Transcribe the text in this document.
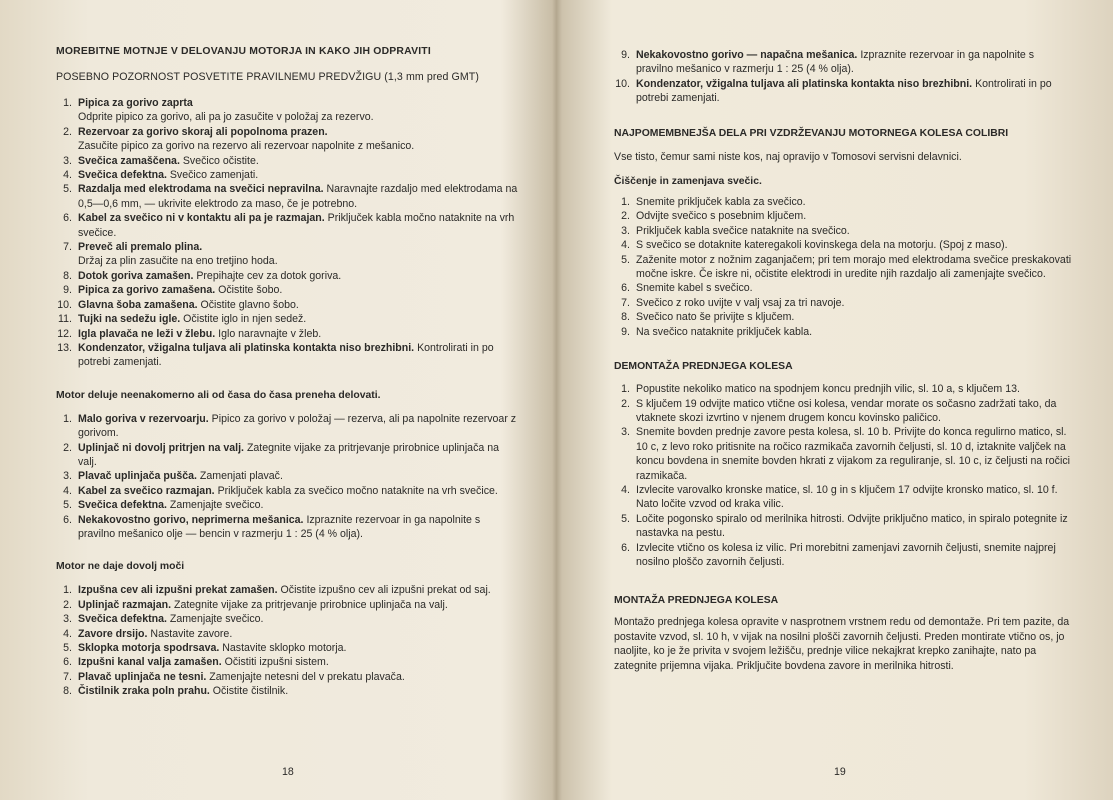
MOREBITNE MOTNJE V DELOVANJU MOTORJA IN KAKO JIH ODPRAVITI
POSEBNO POZORNOST POSVETITE PRAVILNEMU PREDVŽIGU (1,3 mm pred GMT)
1. Pipica za gorivo zaprta
Odprite pipico za gorivo, ali pa jo zasučite v položaj za rezervo.
2. Rezervoar za gorivo skoraj ali popolnoma prazen.
Zasučite pipico za gorivo na rezervo ali rezervoar napolnite z mešanico.
3. Svečica zamaščena. Svečico očistite.
4. Svečica defektna. Svečico zamenjati.
5. Razdalja med elektrodama na svečici nepravilna. Naravnajte razdaljo med elektrodama na 0,5—0,6 mm, — ukrivite elektrodo za maso, če je potrebno.
6. Kabel za svečico ni v kontaktu ali pa je razmajan. Priključek kabla močno nataknite na vrh svečice.
7. Preveč ali premalo plina.
Držaj za plin zasučite na eno tretjino hoda.
8. Dotok goriva zamašen. Prepihajte cev za dotok goriva.
9. Pipica za gorivo zamašena. Očistite šobo.
10. Glavna šoba zamašena. Očistite glavno šobo.
11. Tujki na sedežu igle. Očistite iglo in njen sedež.
12. Igla plavača ne leži v žlebu. Iglo naravnajte v žleb.
13. Kondenzator, vžigalna tuljava ali platinska kontakta niso brezhibni. Kontrolirati in po potrebi zamenjati.
Motor deluje neenakomerno ali od časa do časa preneha delovati.
1. Malo goriva v rezervoarju. Pipico za gorivo v položaj — rezerva, ali pa napolnite rezervoar z gorivom.
2. Uplinjač ni dovolj pritrjen na valj. Zategnite vijake za pritrjevanje prirobnice uplinjača na valj.
3. Plavač uplinjača pušča. Zamenjati plavač.
4. Kabel za svečico razmajan. Priključek kabla za svečico močno nataknite na vrh svečice.
5. Svečica defektna. Zamenjajte svečico.
6. Nekakovostno gorivo, neprimerna mešanica. Izpraznite rezervoar in ga napolnite s pravilno mešanico olje — bencin v razmerju 1 : 25 (4 % olja).
Motor ne daje dovolj moči
1. Izpušna cev ali izpušni prekat zamašen. Očistite izpušno cev ali izpušni prekat od saj.
2. Uplinjač razmajan. Zategnite vijake za pritrjevanje prirobnice uplinjača na valj.
3. Svečica defektna. Zamenjajte svečico.
4. Zavore drsijo. Nastavite zavore.
5. Sklopka motorja spodrsava. Nastavite sklopko motorja.
6. Izpušni kanal valja zamašen. Očistiti izpušni sistem.
7. Plavač uplinjača ne tesni. Zamenjajte netesni del v prekatu plavača.
8. Čistilnik zraka poln prahu. Očistite čistilnik.
18
9. Nekakovostno gorivo — napačna mešanica. Izpraznite rezervoar in ga napolnite s pravilno mešanico v razmerju 1 : 25 (4 % olja).
10. Kondenzator, vžigalna tuljava ali platinska kontakta niso brezhibni. Kontrolirati in po potrebi zamenjati.
NAJPOMEMBNEJŠA DELA PRI VZDRŽEVANJU MOTORNEGA KOLESA COLIBRI

Vse tisto, čemur sami niste kos, naj opravijo v Tomosovi servisni delavnici.

Čiščenje in zamenjava svečic.
1. Snemite priključek kabla za svečico.
2. Odvijte svečico s posebnim ključem.
3. Priključek kabla svečice nataknite na svečico.
4. S svečico se dotaknite kateregakoli kovinskega dela na motorju. (Spoj z maso).
5. Zaženite motor z nožnim zaganjačem; pri tem morajo med elektrodama svečice preskakovati močne iskre. Če iskre ni, očistite elektrodi in uredite njih razdaljo ali zamenjajte svečico.
6. Snemite kabel s svečico.
7. Svečico z roko uvijte v valj vsaj za tri navoje.
8. Svečico nato še privijte s ključem.
9. Na svečico nataknite priključek kabla.
DEMONTAŽA PREDNJEGA KOLESA
1. Popustite nekoliko matico na spodnjem koncu prednjih vilic, sl. 10 a, s ključem 13.
2. S ključem 19 odvijte matico vtične osi kolesa, vendar morate os sočasno zadržati tako, da vtaknete skozi izvrtino v njenem drugem koncu kovinsko paličico.
3. Snemite bovden prednje zavore pesta kolesa, sl. 10 b. Privijte do konca regulirno matico, sl. 10 c, z levo roko pritisnite na ročico razmikača zavornih čeljusti, sl. 10 d, iztaknite valjček na koncu bovdena in snemite bovden hkrati z vijakom za reguliranje, sl. 10 c, iz čeljusti na ročici razmikača.
4. Izvlecite varovalko kronske matice, sl. 10 g in s ključem 17 odvijte kronsko matico, sl. 10 f. Nato ločite vzvod od kraka vilic.
5. Ločite pogonsko spiralo od merilnika hitrosti. Odvijte priključno matico, in spiralo potegnite iz nastavka na pestu.
6. Izvlecite vtično os kolesa iz vilic. Pri morebitni zamenjavi zavornih čeljusti, snemite najprej nosilno ploščo zavornih čeljusti.
MONTAŽA PREDNJEGA KOLESA

Montažo prednjega kolesa opravite v nasprotnem vrstnem redu od demontaže. Pri tem pazite, da postavite vzvod, sl. 10 h, v vijak na nosilni plošči zavornih čeljusti. Preden montirate vtično os, jo naoljite, ko je že privita v svojem ležišču, prednje vilice nekajkrat krepko zanihajte, nato pa zategnite prijemna vijaka. Priključite bovdena zavore in merilnika hitrosti.

19
